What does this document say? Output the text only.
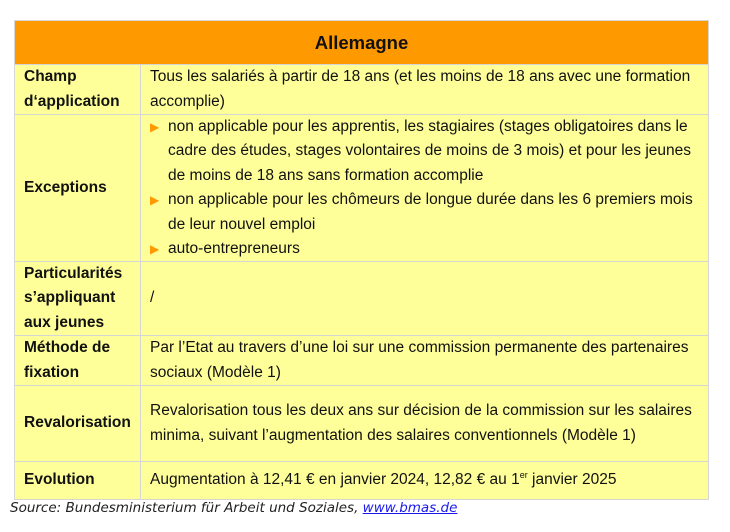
Allemagne
Champ d‘application
Tous les salariés à partir de 18 ans (et les moins de 18 ans avec une formation accomplie)
Exceptions
▶ non applicable pour les apprentis, les stagiaires (stages obligatoires dans le cadre des études, stages volontaires de moins de 3 mois) et pour les jeunes de moins de 18 ans sans formation accomplie
▶ non applicable pour les chômeurs de longue durée dans les 6 premiers mois de leur nouvel emploi
▶ auto-entrepreneurs
Particularités s’appliquant aux jeunes
/
Méthode de fixation
Par l’Etat au travers d’une loi sur une commission permanente des partenaires sociaux (Modèle 1)
Revalorisation
Revalorisation tous les deux ans sur décision de la commission sur les salaires minima, suivant l’augmentation des salaires conventionnels (Modèle 1)
Evolution	Augmentation à 12,41 € en janvier 2024, 12,82 € au 1er janvier 2025
Source: Bundesministerium für Arbeit und Soziales, www.bmas.de
